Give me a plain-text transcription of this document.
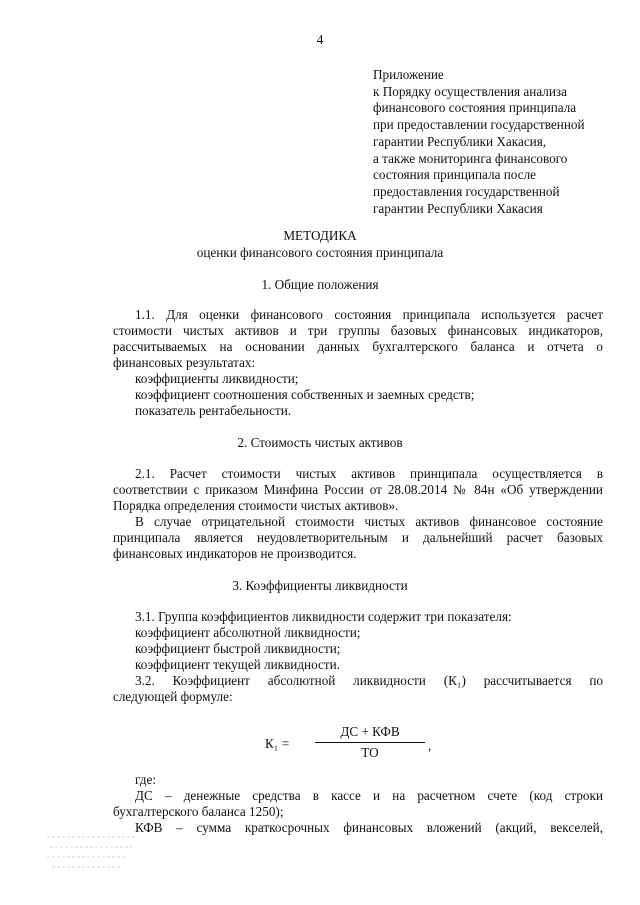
4
Приложение
к Порядку осуществления анализа
финансового состояния принципала
при предоставлении государственной
гарантии Республики Хакасия,
а также мониторинга финансового
состояния принципала после
предоставления государственной
гарантии Республики Хакасия
МЕТОДИКА
оценки финансового состояния принципала
1. Общие положения
1.1. Для оценки финансового состояния принципала используется расчет
стоимости чистых активов и три группы базовых финансовых индикаторов,
рассчитываемых на основании данных бухгалтерского баланса и отчета о
финансовых результатах:
коэффициенты ликвидности;
коэффициент соотношения собственных и заемных средств;
показатель рентабельности.
2. Стоимость чистых активов
2.1. Расчет стоимости чистых активов принципала осуществляется в
соответствии с приказом Минфина России от 28.08.2014 № 84н «Об утверждении
Порядка определения стоимости чистых активов».
В случае отрицательной стоимости чистых активов финансовое состояние
принципала является неудовлетворительным и дальнейший расчет базовых
финансовых индикаторов не производится.
3. Коэффициенты ликвидности
3.1. Группа коэффициентов ликвидности содержит три показателя:
коэффициент абсолютной ликвидности;
коэффициент быстрой ликвидности;
коэффициент текущей ликвидности.
3.2. Коэффициент абсолютной ликвидности (К₁) рассчитывается по
следующей формуле:
К₁ =
ДС + КФВ
ТО	,
где:
ДС – денежные средства в кассе и на расчетном счете (код строки
бухгалтерского баланса 1250);
КФВ – сумма краткосрочных финансовых вложений (акций, векселей,
